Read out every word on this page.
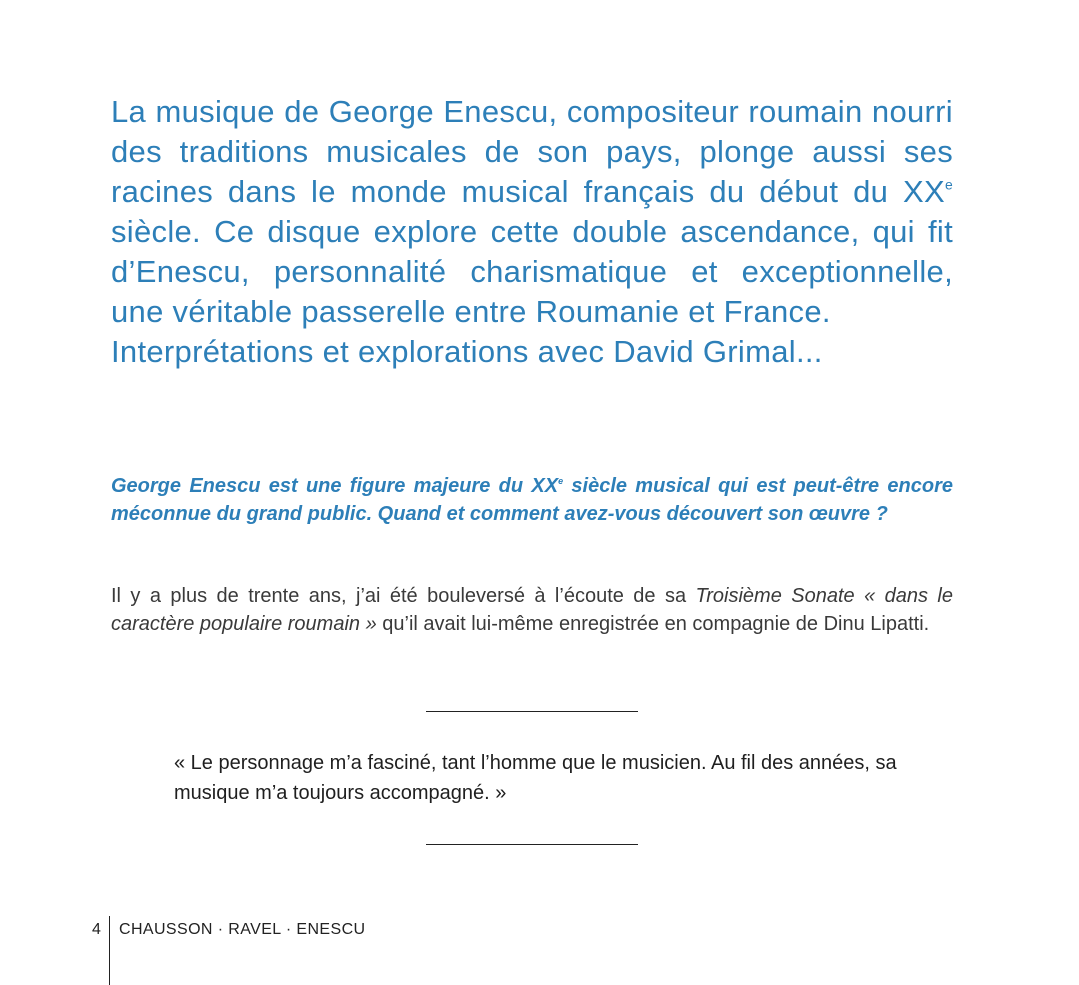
La musique de George Enescu, compositeur roumain nourri des traditions musicales de son pays, plonge aussi ses racines dans le monde musical français du début du XXe siècle. Ce disque explore cette double ascendance, qui fit d’Enescu, personnalité charismatique et exceptionnelle, une véritable passerelle entre Roumanie et France.

Interprétations et explorations avec David Grimal...

George Enescu est une figure majeure du XXe siècle musical qui est peut-être encore méconnue du grand public. Quand et comment avez-vous découvert son œuvre ?

Il y a plus de trente ans, j’ai été bouleversé à l’écoute de sa Troisième Sonate « dans le caractère populaire roumain » qu’il avait lui-même enregistrée en compagnie de Dinu Lipatti.

« Le personnage m’a fasciné, tant l’homme que le musicien. Au fil des années, sa musique m’a toujours accompagné. »

4 CHAUSSON · RAVEL · ENESCU
